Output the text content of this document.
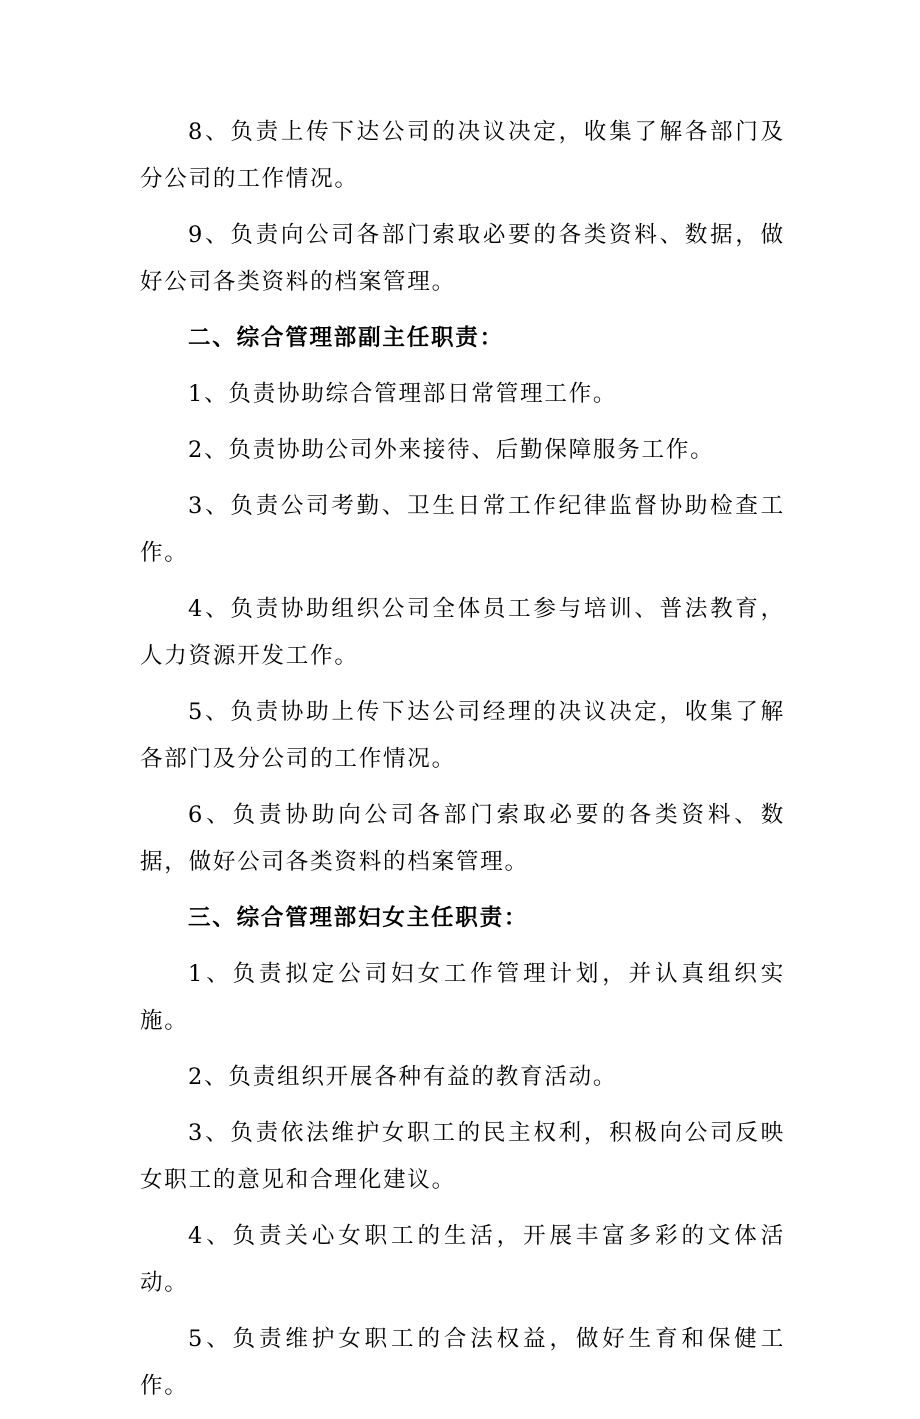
8、负责上传下达公司的决议决定，收集了解各部门及分公司的工作情况。

9、负责向公司各部门索取必要的各类资料、数据，做好公司各类资料的档案管理。

二、综合管理部副主任职责：

1、负责协助综合管理部日常管理工作。

2、负责协助公司外来接待、后勤保障服务工作。

3、负责公司考勤、卫生日常工作纪律监督协助检查工作。

4、负责协助组织公司全体员工参与培训、普法教育，人力资源开发工作。

5、负责协助上传下达公司经理的决议决定，收集了解各部门及分公司的工作情况。

6、负责协助向公司各部门索取必要的各类资料、数据，做好公司各类资料的档案管理。

三、综合管理部妇女主任职责：

1、负责拟定公司妇女工作管理计划，并认真组织实施。

2、负责组织开展各种有益的教育活动。

3、负责依法维护女职工的民主权利，积极向公司反映女职工的意见和合理化建议。

4、负责关心女职工的生活，开展丰富多彩的文体活动。

5、负责维护女职工的合法权益，做好生育和保健工作。
